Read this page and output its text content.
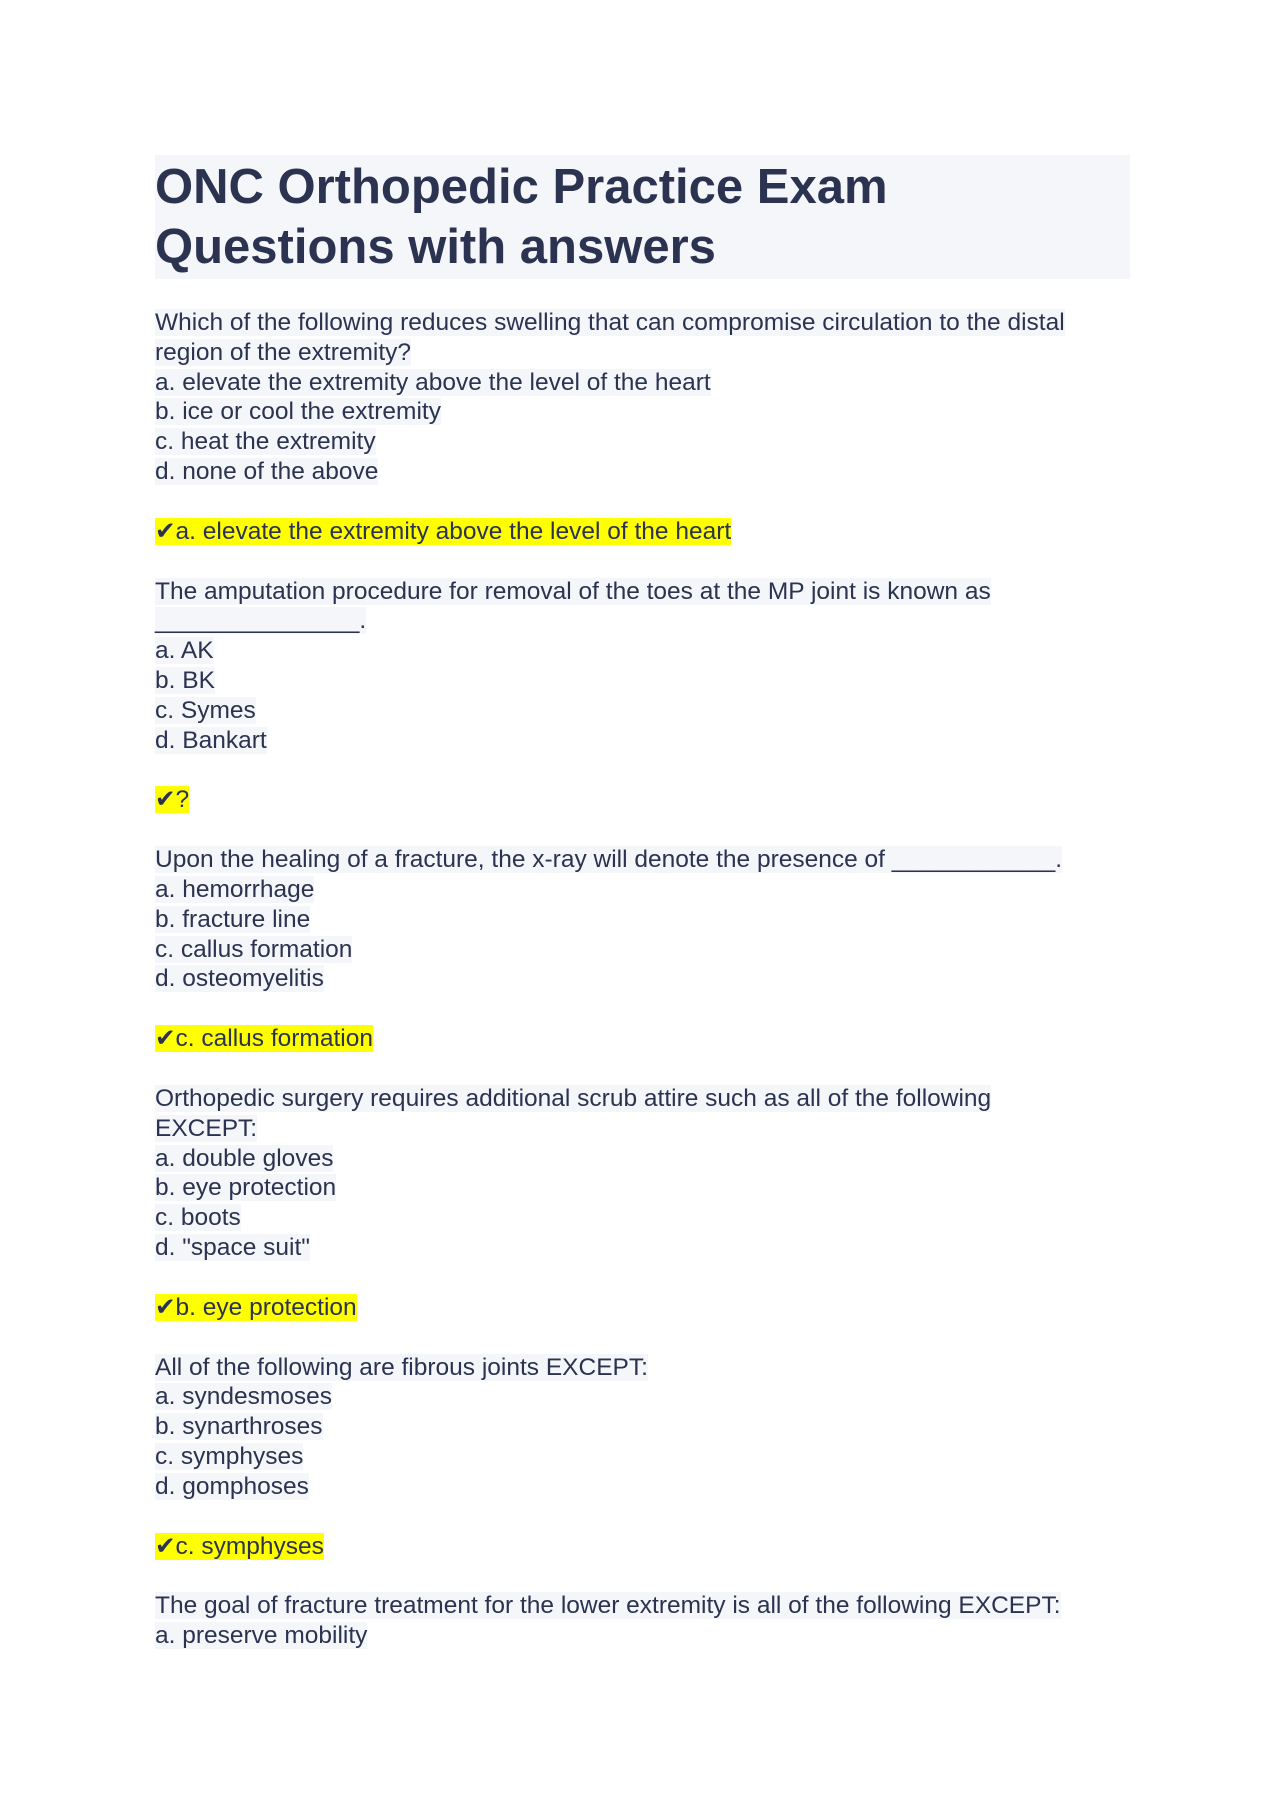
ONC Orthopedic Practice Exam
Questions with answers
Which of the following reduces swelling that can compromise circulation to the distal
region of the extremity?
a. elevate the extremity above the level of the heart
b. ice or cool the extremity
c. heat the extremity
d. none of the above
✔a. elevate the extremity above the level of the heart
The amputation procedure for removal of the toes at the MP joint is known as
_______________.
a. AK
b. BK
c. Symes
d. Bankart
✔?
Upon the healing of a fracture, the x-ray will denote the presence of ____________.
a. hemorrhage
b. fracture line
c. callus formation
d. osteomyelitis
✔c. callus formation
Orthopedic surgery requires additional scrub attire such as all of the following
EXCEPT:
a. double gloves
b. eye protection
c. boots
d. "space suit"
✔b. eye protection
All of the following are fibrous joints EXCEPT:
a. syndesmoses
b. synarthroses
c. symphyses
d. gomphoses
✔c. symphyses
The goal of fracture treatment for the lower extremity is all of the following EXCEPT:
a. preserve mobility
